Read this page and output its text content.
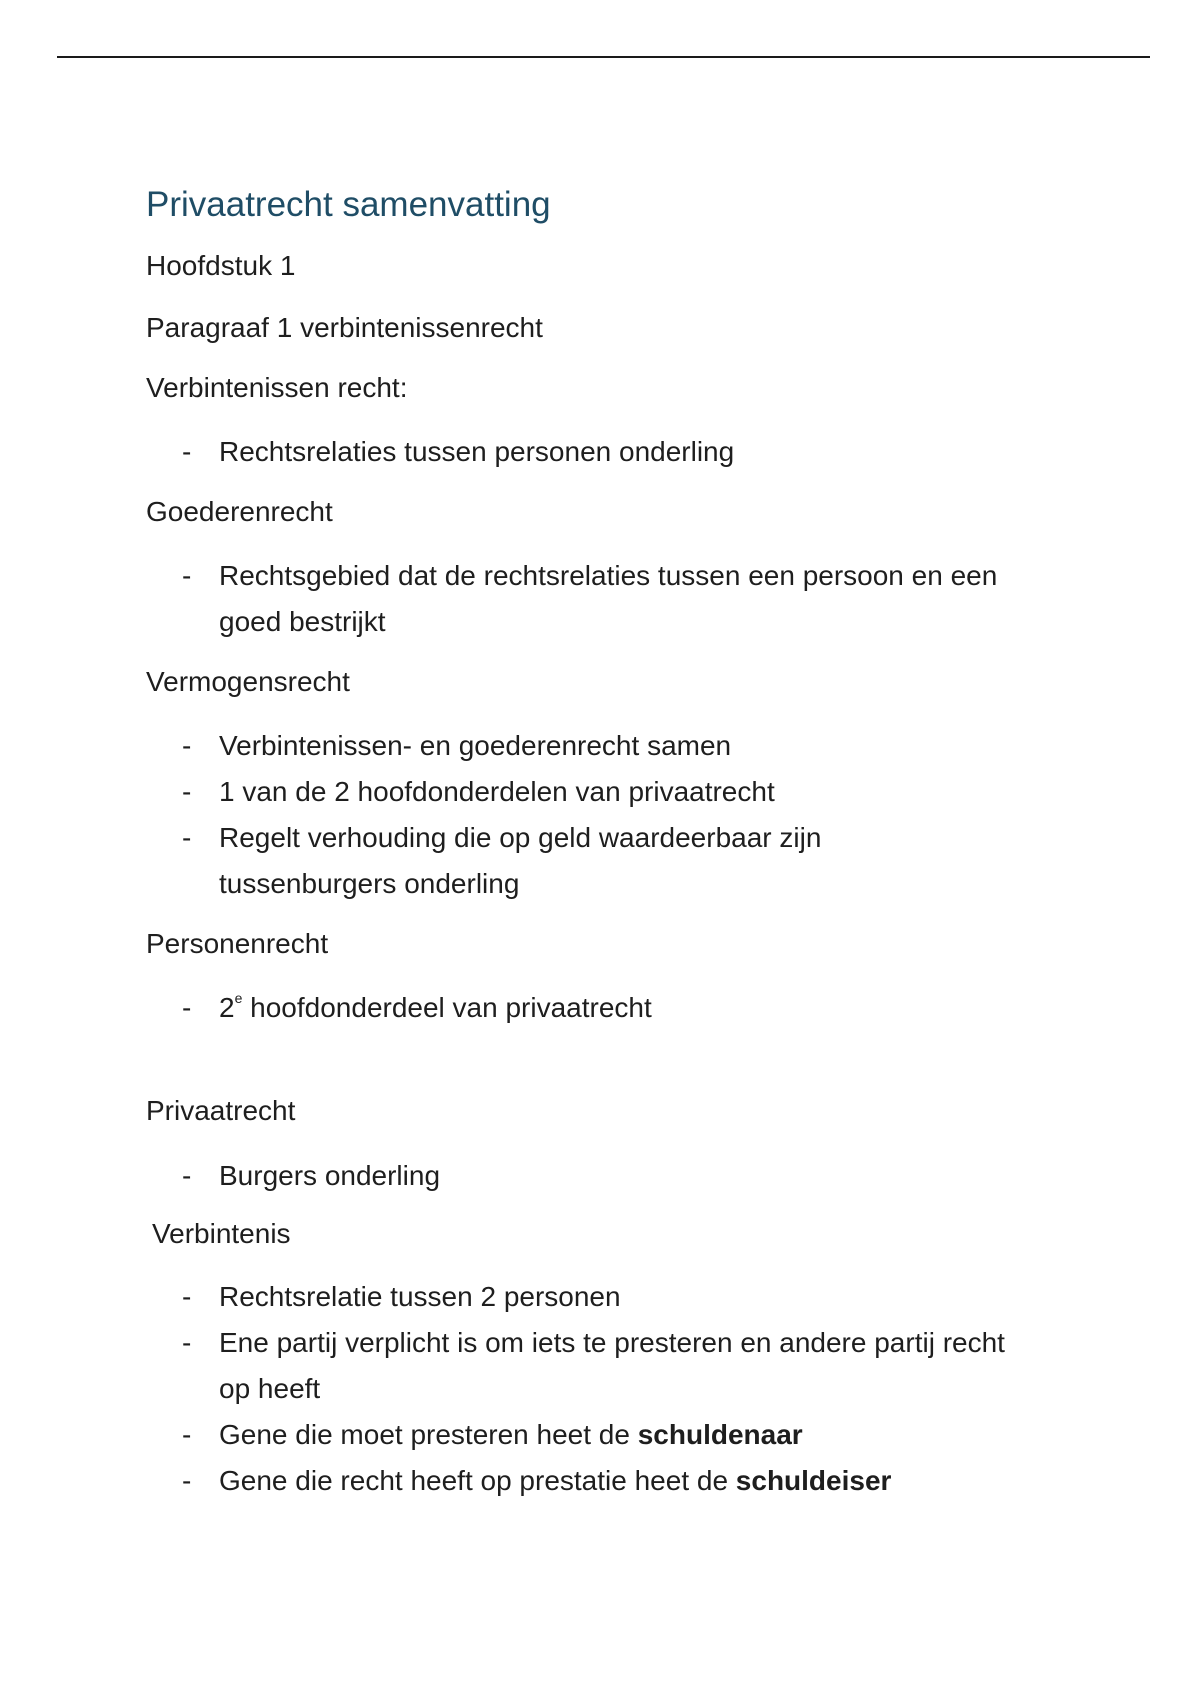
Privaatrecht samenvatting
Hoofdstuk 1
Paragraaf 1 verbintenissenrecht
Verbintenissen recht:
- Rechtsrelaties tussen personen onderling
Goederenrecht
- Rechtsgebied dat de rechtsrelaties tussen een persoon en een goed bestrijkt
Vermogensrecht
- Verbintenissen- en goederenrecht samen
- 1 van de 2 hoofdonderdelen van privaatrecht
- Regelt verhouding die op geld waardeerbaar zijn tussenburgers onderling
Personenrecht
- 2e hoofdonderdeel van privaatrecht
Privaatrecht
- Burgers onderling
Verbintenis
- Rechtsrelatie tussen 2 personen
- Ene partij verplicht is om iets te presteren en andere partij recht op heeft
- Gene die moet presteren heet de schuldenaar
- Gene die recht heeft op prestatie heet de schuldeiser
